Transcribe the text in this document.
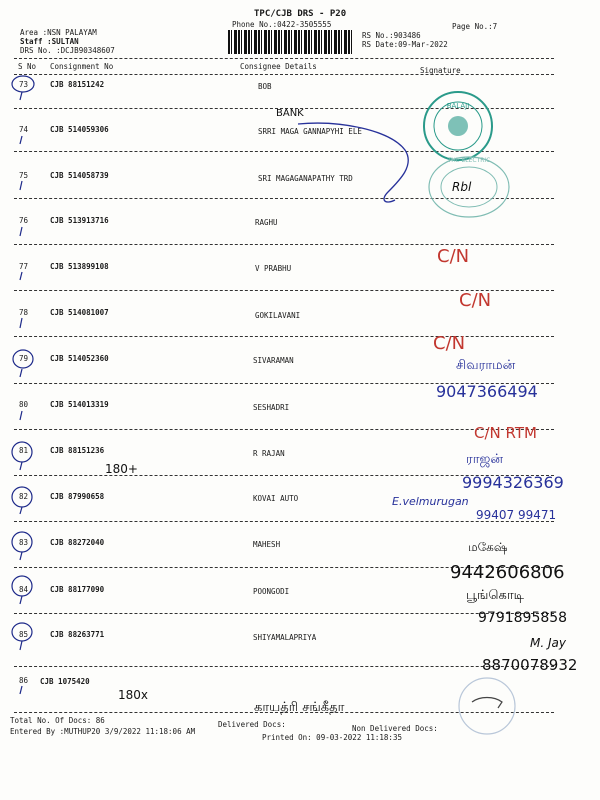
TPC/CJB DRS - P20
Phone No.:0422-3505555
Area :NSN PALAYAM
Staff :SULTAN
DRS No. :DCJB90348607
RS No.:903486
RS Date:09-Mar-2022
Page No.:7
S No Consignment No	Consignee Details	Signature
73	CJB 88151242	BOB
74	CJB 514059306	SRRI MAGA GANNAPYHI ELE
75	CJB 514058739	SRI MAGAGANAPATHY TRD
76	CJB 513913716	RAGHU
77	CJB 513899108	V PRABHU
78	CJB 514081007	GOKILAVANI
79	CJB 514052360	SIVARAMAN
80	CJB 514013319	SESHADRI
81	CJB 88151236	R RAJAN
82	CJB 87990658	KOVAI AUTO
83	CJB 88272040	MAHESH
84	CJB 88177090	POONGODI
85	CJB 88263771	SHIYAMALAPRIYA
86 CJB 1075420
Total No. Of Docs: 86
Entered By :MUTHUP20 3/9/2022 11:18:06 AM
Delivered Docs:	Non Delivered Docs:
Printed On: 09-03-2022 11:18:35
BALAJI
THE ELECTRIC
BANK
Rbl
C/N
C/N
C/N
சிவராமன்
9047366494
C/N RTM
180+
ராஜன்
9994326369
E.velmurugan
99407 99471
மகேஷ்
9442606806
பூங்கொடி
9791895858
M. Jay
8870078932
180x
காயத்ரி சங்கீதா
